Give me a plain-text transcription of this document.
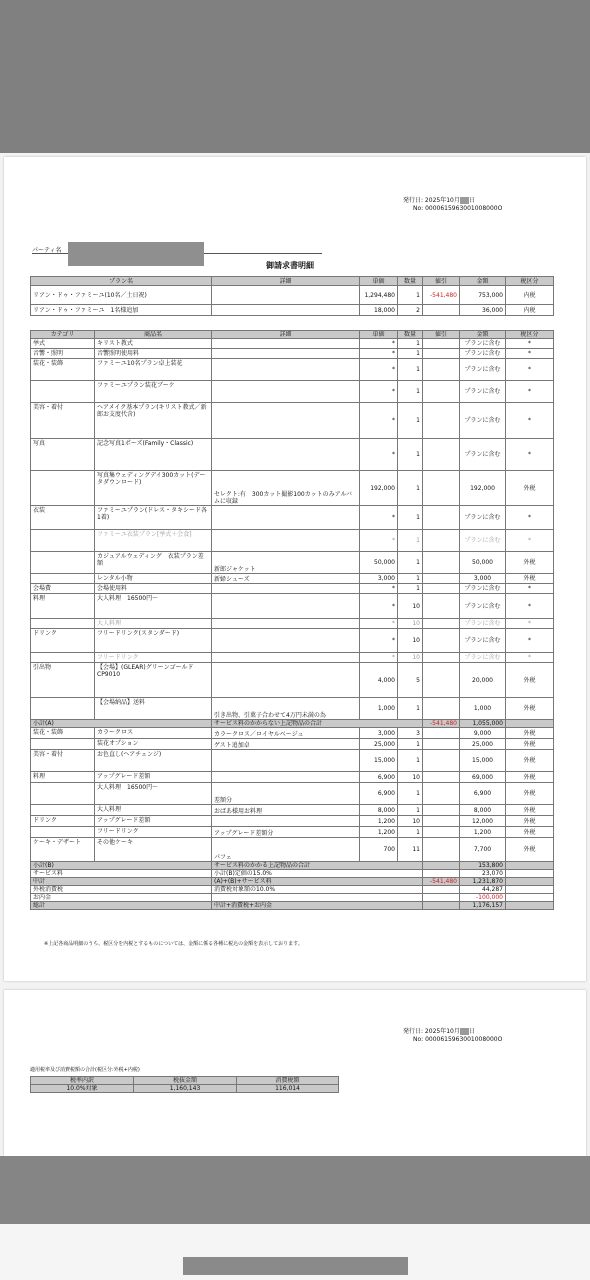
発行日: 2025年10月 日
No: 0000615963001008000O
パーティ名
御請求書明細
プラン名	詳細	単価	数量	値引	金額	税区分
リアン・ドゥ・ファミーユ(10名／土日祝)		1,294,480	1	-541,480	753,000	内税
リアン・ドゥ・ファミーユ　1名様追加		18,000	2		36,000	内税
カテゴリ	商品名	詳細	単価	数量	値引	金額	税区分
挙式	キリスト教式		*	1		プランに含む	*
音響・照明	音響照明使用料		*	1		プランに含む	*
装花・装飾	ファミーユ10名プラン卓上装花		*	1		プランに含む	*
	ファミーユプラン装花ブーケ		*	1		プランに含む	*
美容・着付	ヘアメイク基本プラン(キリスト教式／新郎お支度代含)		*	1		プランに含む	*
写真	記念写真1ポーズ(Family・Classic)		*	1		プランに含む	*
	写真集ウェディングデイ300カット(データダウンロード)	セレクト:有　300カット撮影100カットのみアルバムに収録	192,000	1		192,000	外税
衣装	ファミーユプラン(ドレス・タキシード各1着)		*	1		プランに含む	*
	ファミーユ衣装プラン[挙式＋会食]		*	1		プランに含む	*
	カジュアルウェディング　衣装プラン差額	新郎ジャケット	50,000	1		50,000	外税
	レンタル小物	新婦シューズ	3,000	1		3,000	外税
会場費	会場使用料		*	1		プランに含む	*
料理	大人料理　16500円〜		*	10		プランに含む	*
	大人料理		*	10		プランに含む	*
ドリンク	フリードリンク(スタンダード)		*	10		プランに含む	*
	フリードリンク		*	10		プランに含む	*
引出物	【会場】(GLEAR)グリーンゴールドCP9010		4,000	5		20,000	外税
	【会場納品】送料	引き出物、引菓子合わせて4万円未満の為	1,000	1		1,000	外税
小計(A)		サービス料のかからない上記物品の合計			-541,480	1,055,000	
装花・装飾	カラークロス	カラークロス／ロイヤルベージュ	3,000	3		9,000	外税
	装花オプション	ゲスト追加卓	25,000	1		25,000	外税
美容・着付	お色直し(ヘアチェンジ)		15,000	1		15,000	外税
料理	アップグレード差額		6,900	10		69,000	外税
	大人料理　16500円〜	差額分	6,900	1		6,900	外税
	大人料理	おばあ様用お料理	8,000	1		8,000	外税
ドリンク	アップグレード差額		1,200	10		12,000	外税
	フリードリンク	アップグレード差額分	1,200	1		1,200	外税
ケーキ・デザート	その他ケーキ	パフェ	700	11		7,700	外税
小計(B)		サービス料のかかる上記物品の合計				153,800	
サービス料		小計(B)定価の15.0%				23,070	
中計		(A)+(B)+サービス料			-541,480	1,231,870	
外税消費税		消費税対象額の10.0%				44,287	
お内金						-100,000	
総計		中計+消費税+お内金				1,176,157	
※上記各商品明細のうち、税区分を内税とするものについては、金額に係る各種に税込の金額を表示しております。
発行日: 2025年10月 日
No: 0000615963001008000O
適用税率及び消費税額の合計(税区分:外税+内税)
税率内訳	税抜金額	消費税額
10.0%対象	1,160,143	116,014
